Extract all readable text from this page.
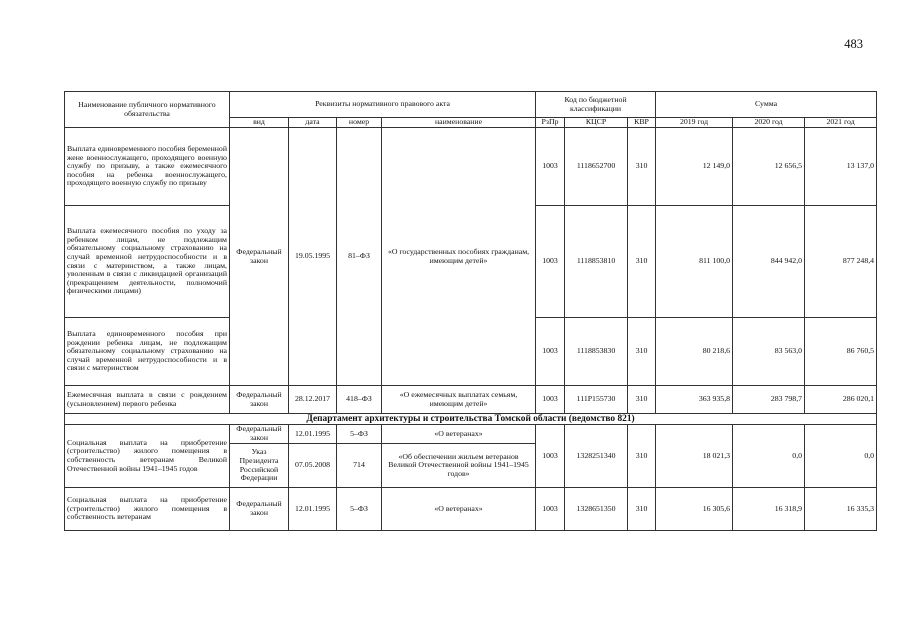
483
Наименование публичного нормативного обязательства	Реквизиты нормативного правового акта				Код по бюджетной классификации			Сумма		
	вид	дата	номер	наименование	РзПр	КЦСР	КВР	2019 год	2020 год	2021 год
Выплата единовременного пособия беременной жене военнослужащего, проходящего военную службу по призыву, а также ежемесячного пособия на ребенка военнослужащего, проходящего военную службу по призыву	Федеральный закон	19.05.1995	81–ФЗ	«О государственных пособиях гражданам, имеющим детей»	1003	1118652700	310	12 149,0	12 656,5	13 137,0
Выплата ежемесячного пособия по уходу за ребенком лицам, не подлежащим обязательному социальному страхованию на случай временной нетрудоспособности и в связи с материнством, а также лицам, уволенным в связи с ликвидацией организаций (прекращением деятельности, полномочий физическими лицами)					1003	1118853810	310	811 100,0	844 942,0	877 248,4
Выплата единовременного пособия при рождении ребенка лицам, не подлежащим обязательному социальному страхованию на случай временной нетрудоспособности и в связи с материнством					1003	1118853830	310	80 218,6	83 563,0	86 760,5
Ежемесячная выплата в связи с рождением (усыновлением) первого ребенка	Федеральный закон	28.12.2017	418–ФЗ	«О ежемесячных выплатах семьям, имеющим детей»	1003	111P155730	310	363 935,8	283 798,7	286 020,1
Департамент архитектуры и строительства Томской области (ведомство 821)										
Социальная выплата на приобретение (строительство) жилого помещения в собственность ветеранам Великой Отечественной войны 1941–1945 годов	Федеральный закон	12.01.1995	5–ФЗ	«О ветеранах»	1003	1328251340	310	18 021,3	0,0	0,0
	Указ Президента Российской Федерации	07.05.2008	714	«Об обеспечении жильем ветеранов Великой Отечественной войны 1941–1945 годов»						
Социальная выплата на приобретение (строительство) жилого помещения в собственность ветеранам	Федеральный закон	12.01.1995	5–ФЗ	«О ветеранах»	1003	1328651350	310	16 305,6	16 318,9	16 335,3
